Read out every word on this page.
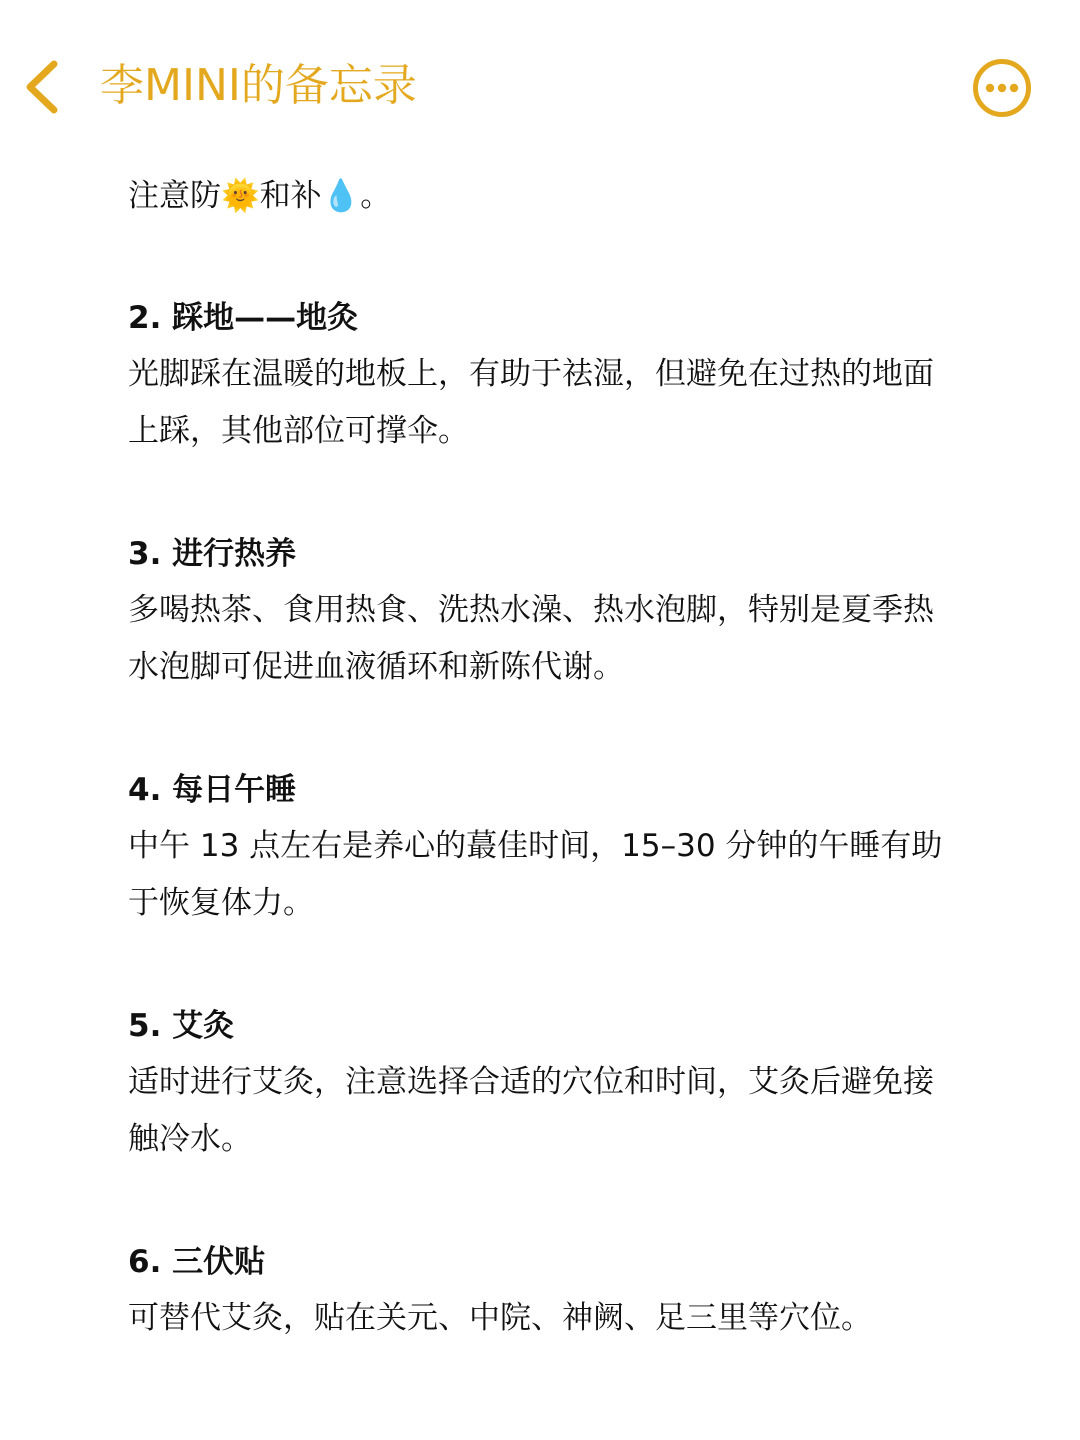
李MINI的备忘录

注意防🌞和补💧。

2. 踩地——地灸

光脚踩在温暖的地板上，有助于祛湿，但避免在过热的地面上踩，其他部位可撑伞。

3. 进行热养

多喝热茶、食用热食、洗热水澡、热水泡脚，特别是夏季热水泡脚可促进血液循环和新陈代谢。

4. 每日午睡

中午 13 点左右是养心的蕞佳时间，15–30 分钟的午睡有助于恢复体力。

5. 艾灸

适时进行艾灸，注意选择合适的穴位和时间，艾灸后避免接触冷水。

6. 三伏贴

可替代艾灸，贴在关元、中院、神阙、足三里等穴位。
